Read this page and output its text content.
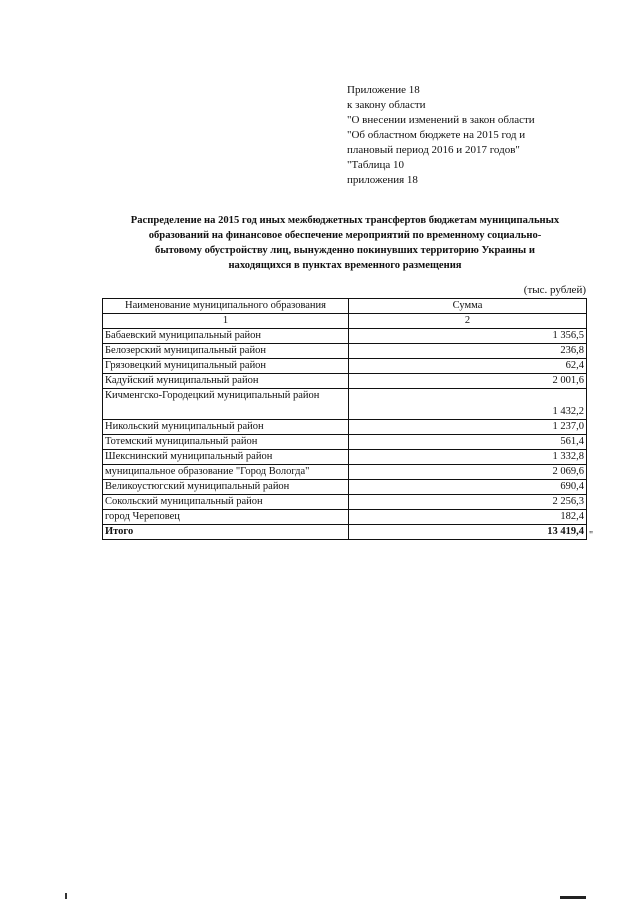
Приложение 18
к закону области
"О внесении изменений в закон области
"Об областном бюджете на 2015 год и
плановый период 2016 и 2017 годов"
"Таблица 10
приложения 18
Распределение на 2015 год иных межбюджетных трансфертов бюджетам муниципальных
образований на финансовое обеспечение мероприятий по временному социально-
бытовому обустройству лиц, вынужденно покинувших территорию Украины и
находящихся в пунктах временного размещения
(тыс. рублей)
Наименование муниципального образования	Сумма
1	2
Бабаевский муниципальный район	1 356,5
Белозерский муниципальный район	236,8
Грязовецкий муниципальный район	62,4
Кадуйский муниципальный район	2 001,6
Кичменгско-Городецкий муниципальный район	1 432,2
Никольский муниципальный район	1 237,0
Тотемский муниципальный район	561,4
Шекснинский муниципальный район	1 332,8
муниципальное образование "Город Вологда"	2 069,6
Великоустюгский муниципальный район	690,4
Сокольский муниципальный район	2 256,3
город Череповец	182,4
Итого	13 419,4 "
